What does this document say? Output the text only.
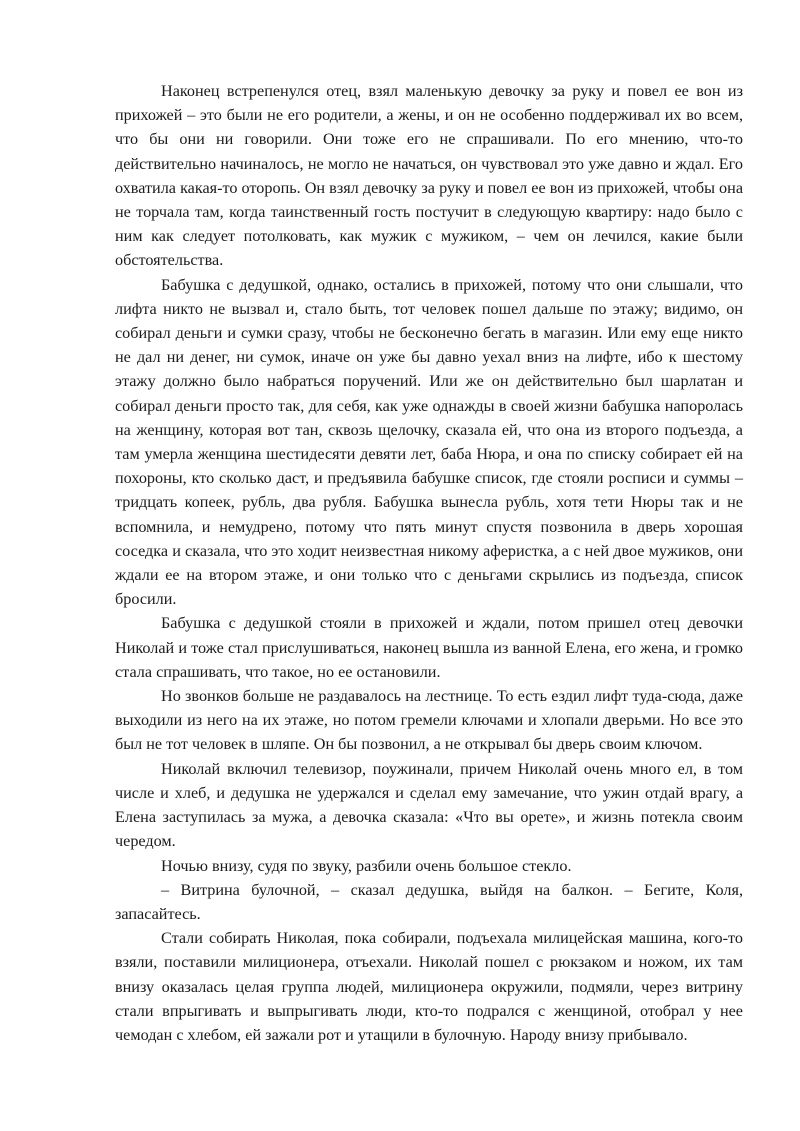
Наконец встрепенулся отец, взял маленькую девочку за руку и повел ее вон из прихожей – это были не его родители, а жены, и он не особенно поддерживал их во всем, что бы они ни говорили. Они тоже его не спрашивали. По его мнению, что-то действительно начиналось, не могло не начаться, он чувствовал это уже давно и ждал. Его охватила какая-то оторопь. Он взял девочку за руку и повел ее вон из прихожей, чтобы она не торчала там, когда таинственный гость постучит в следующую квартиру: надо было с ним как следует потолковать, как мужик с мужиком, – чем он лечился, какие были обстоятельства.

Бабушка с дедушкой, однако, остались в прихожей, потому что они слышали, что лифта никто не вызвал и, стало быть, тот человек пошел дальше по этажу; видимо, он собирал деньги и сумки сразу, чтобы не бесконечно бегать в магазин. Или ему еще никто не дал ни денег, ни сумок, иначе он уже бы давно уехал вниз на лифте, ибо к шестому этажу должно было набраться поручений. Или же он действительно был шарлатан и собирал деньги просто так, для себя, как уже однажды в своей жизни бабушка напоролась на женщину, которая вот тан, сквозь щелочку, сказала ей, что она из второго подъезда, а там умерла женщина шестидесяти девяти лет, баба Нюра, и она по списку собирает ей на похороны, кто сколько даст, и предъявила бабушке список, где стояли росписи и суммы – тридцать копеек, рубль, два рубля. Бабушка вынесла рубль, хотя тети Нюры так и не вспомнила, и немудрено, потому что пять минут спустя позвонила в дверь хорошая соседка и сказала, что это ходит неизвестная никому аферистка, а с ней двое мужиков, они ждали ее на втором этаже, и они только что с деньгами скрылись из подъезда, список бросили.

Бабушка с дедушкой стояли в прихожей и ждали, потом пришел отец девочки Николай и тоже стал прислушиваться, наконец вышла из ванной Елена, его жена, и громко стала спрашивать, что такое, но ее остановили.

Но звонков больше не раздавалось на лестнице. То есть ездил лифт туда-сюда, даже выходили из него на их этаже, но потом гремели ключами и хлопали дверьми. Но все это был не тот человек в шляпе. Он бы позвонил, а не открывал бы дверь своим ключом.

Николай включил телевизор, поужинали, причем Николай очень много ел, в том числе и хлеб, и дедушка не удержался и сделал ему замечание, что ужин отдай врагу, а Елена заступилась за мужа, а девочка сказала: «Что вы орете», и жизнь потекла своим чередом.

Ночью внизу, судя по звуку, разбили очень большое стекло.

– Витрина булочной, – сказал дедушка, выйдя на балкон. – Бегите, Коля, запасайтесь.

Стали собирать Николая, пока собирали, подъехала милицейская машина, кого-то взяли, поставили милиционера, отъехали. Николай пошел с рюкзаком и ножом, их там внизу оказалась целая группа людей, милиционера окружили, подмяли, через витрину стали впрыгивать и выпрыгивать люди, кто-то подрался с женщиной, отобрал у нее чемодан с хлебом, ей зажали рот и утащили в булочную. Народу внизу прибывало.
